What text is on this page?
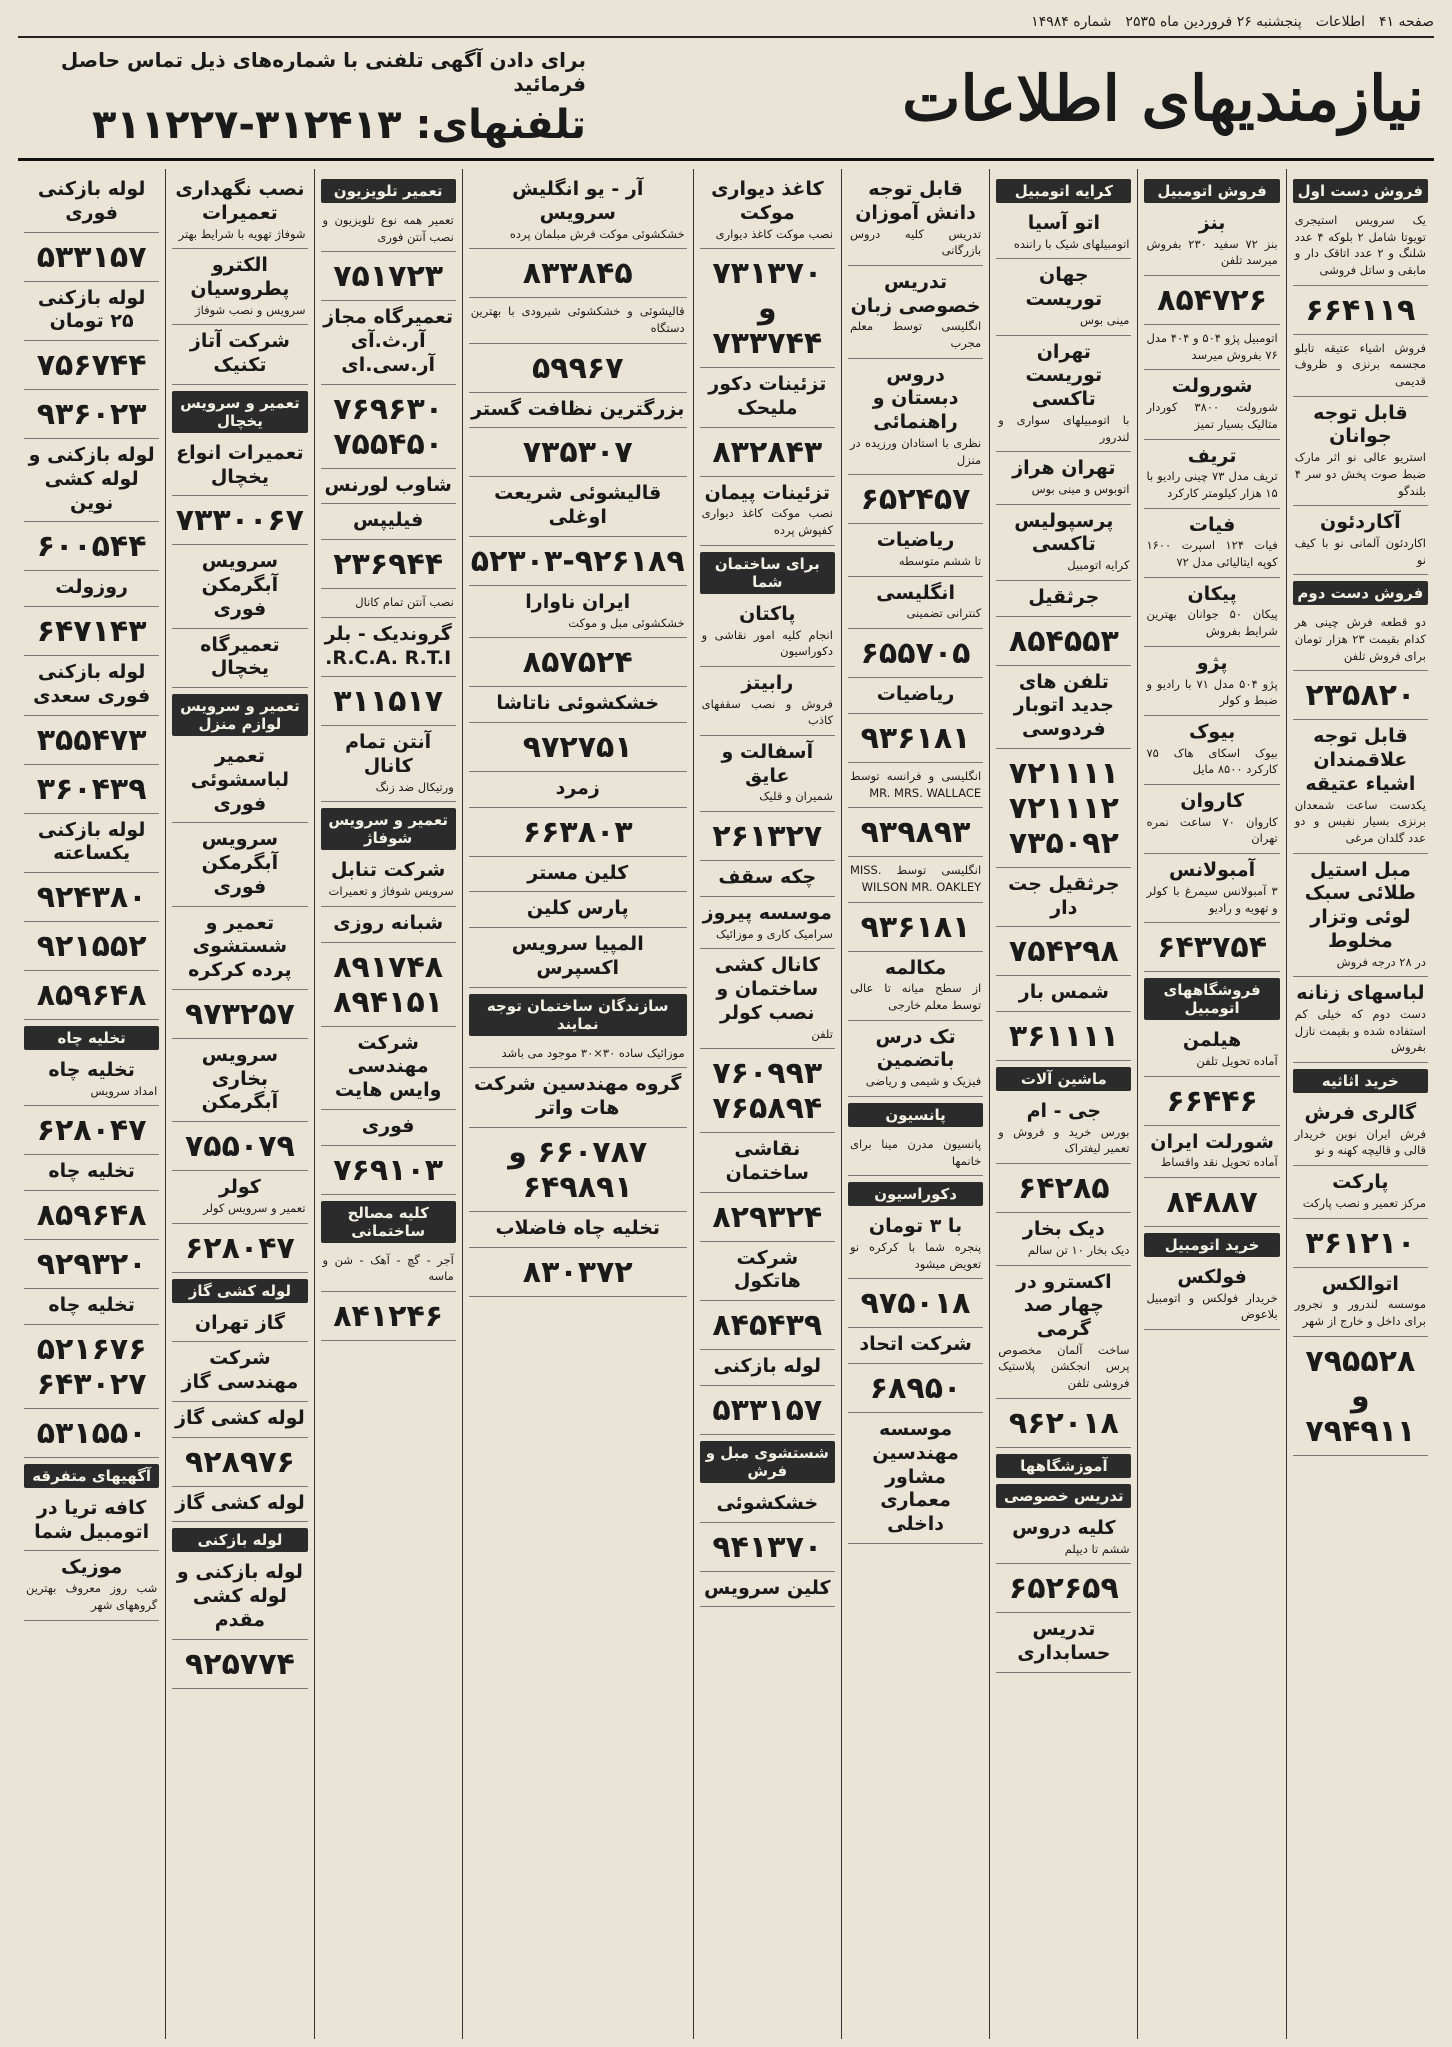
صفحه ۴۱
اطلاعات
پنجشنبه ۲۶ فروردین ماه ۲۵۳۵
شماره ۱۴۹۸۴
برای دادن آگهی تلفنی با شماره‌های ذیل تماس حاصل فرمائید
تلفنهای: ۳۱۲۴۱۳-۳۱۱۲۲۷	نیازمندیهای اطلاعات
فروش دست اول
یک سرویس استیجری تویوتا شامل ۲ بلوکه ۴ عدد شلنگ و ۲ عدد اتاقک دار و مابقی و ساتل فروشی
۶۶۴۱۱۹
فروش اشیاء عتیقه تابلو مجسمه برنزی و ظروف قدیمی
قابل توجه جوانان
استریو عالی نو اثر مارک ضبط صوت پخش دو سر ۴ بلندگو
آکاردئون
اکاردئون آلمانی نو با کیف نو
فروش دست دوم
دو قطعه فرش چینی هر کدام بقیمت ۲۳ هزار تومان برای فروش تلفن
۲۳۵۸۲۰
قابل توجه علاقمندان اشیاء عتیقه
یکدست ساعت شمعدان برنزی بسیار نفیس و دو عدد گلدان مرغی
مبل استیل طلائی سبک لوئی وتزار مخلوط
در ۲۸ درجه فروش
لباسهای زنانه
دست دوم که خیلی کم استفاده شده و بقیمت نازل بفروش
خرید اثاثیه
گالری فرش
فرش ایران نوین خریدار قالی و قالیچه کهنه و نو
پارکت
مرکز تعمیر و نصب پارکت
۳۶۱۲۱۰
اتوالکس
موسسه لندرور و نجرور برای داخل و خارج از شهر
۷۹۵۵۲۸ و ۷۹۴۹۱۱
فروش اتومبیل
بنز
بنز ۷۲ سفید ۲۳۰ بفروش میرسد تلفن
۸۵۴۷۲۶
اتومبیل پژو ۵۰۴ و ۴۰۴ مدل ۷۶ بفروش میرسد
شورولت
شورولت ۳۸۰۰ کوردار متالیک بسیار تمیز
تریف
تریف مدل ۷۳ چینی رادیو با ۱۵ هزار کیلومتر کارکرد
فیات
فیات ۱۲۴ اسپرت ۱۶۰۰ کوپه ایتالیائی مدل ۷۲
پیکان
پیکان ۵۰ جوانان بهترین شرایط بفروش
پژو
پژو ۵۰۴ مدل ۷۱ با رادیو و ضبط و کولر
بیوک
بیوک اسکای هاک ۷۵ کارکرد ۸۵۰۰ مایل
کاروان
کاروان ۷۰ ساعت نمره تهران
آمبولانس
۳ آمبولانس سیمرغ با کولر و تهویه و رادیو
۶۴۳۷۵۴
فروشگاههای اتومبیل
هیلمن
آماده تحویل تلفن
۶۶۴۴۶
شورلت ایران
آماده تحویل نقد واقساط
۸۴۸۸۷
خرید اتومبیل
فولکس
خریدار فولکس و اتومبیل بلاعوض
کرایه اتومبیل
اتو آسیا
اتومبیلهای شیک با راننده
جهان توریست
مینی بوس
تهران توریست تاکسی
با اتومبیلهای سواری و لندرور
تهران هراز
اتوبوس و مینی بوس
پرسپولیس تاکسی
کرایه اتومبیل
جرثقیل
۸۵۴۵۵۳
تلفن های جدید اتوبار فردوسی
۷۲۱۱۱۱ ۷۲۱۱۱۲ ۷۳۵۰۹۲
جرثقیل جت دار
۷۵۴۲۹۸
شمس بار
۳۶۱۱۱۱
ماشین آلات
جی - ام
بورس خرید و فروش و تعمیر لیفتراک
۶۴۲۸۵
دیک بخار
دیک بخار ۱۰ تن سالم
اکسترو در چهار صد گرمی
ساخت آلمان مخصوص پرس انجکشن پلاستیک فروشی تلفن
۹۶۲۰۱۸
آموزشگاهها
تدریس خصوصی
کلیه دروس
ششم تا دیپلم
۶۵۲۶۵۹
تدریس حسابداری
قابل توجه دانش آموزان
تدریس کلیه دروس بازرگانی
تدریس خصوصی زبان
انگلیسی توسط معلم مجرب
دروس دبستان و راهنمائی
نظری با استادان ورزیده در منزل
۶۵۲۴۵۷
ریاضیات
تا ششم متوسطه
انگلیسی
کنترانی تضمینی
۶۵۵۷۰۵
ریاضیات
۹۳۶۱۸۱
انگلیسی و فرانسه توسط MR. MRS. WALLACE
۹۳۹۸۹۳
انگلیسی توسط MISS. WILSON MR. OAKLEY
۹۳۶۱۸۱
مکالمه
از سطح میانه تا عالی توسط معلم خارجی
تک درس باتضمین
فیزیک و شیمی و ریاضی
پانسیون
پانسیون مدرن مینا برای خانمها
دکوراسیون
با ۳ تومان
پنجره شما با کرکره نو تعویض میشود
۹۷۵۰۱۸
شرکت اتحاد
۶۸۹۵۰
موسسه مهندسین مشاور معماری داخلی
کاغذ دیواری موکت
نصب موکت کاغذ دیواری
۷۳۱۳۷۰ و ۷۳۳۷۴۴
تزئینات دکور ملیحک
۸۳۲۸۴۳
تزئینات پیمان
نصب موکت کاغذ دیواری کفپوش پرده
برای ساختمان شما
پاکتان
انجام کلیه امور نقاشی و دکوراسیون
رابیتز
فروش و نصب سقفهای کاذب
آسفالت و عایق
شمیران و قلیک
۲۶۱۳۲۷
چکه سقف
موسسه پیروز
سرامیک کاری و موزائیک
کانال کشی ساختمان و نصب کولر
تلفن
۷۶۰۹۹۳ ۷۶۵۸۹۴
نقاشی ساختمان
۸۲۹۳۲۴
شرکت هاتکول
۸۴۵۴۳۹
لوله بازکنی
۵۳۳۱۵۷
شستشوی مبل و فرش
خشکشوئی
۹۴۱۳۷۰
کلین سرویس
آر - یو انگلیش سرویس
خشکشوئی موکت فرش مبلمان پرده
۸۳۳۸۴۵
قالیشوئی و خشکشوئی شیرودی با بهترین دستگاه
۵۹۹۶۷
بزرگترین نظافت گستر
۷۳۵۳۰۷
قالیشوئی شریعت اوغلی
۵۲۳۰۳-۹۲۶۱۸۹
ایران ناوارا
خشکشوئی مبل و موکت
۸۵۷۵۲۴
خشکشوئی ناتاشا
۹۷۲۷۵۱
زمرد
۶۶۳۸۰۳
کلین مستر
پارس کلین
المپیا سرویس اکسپرس
سازندگان ساختمان توجه نمایند
موزائیک ساده ۳۰×۳۰ موجود می باشد
گروه مهندسین شرکت هات واتر
۶۶۰۷۸۷ و ۶۴۹۸۹۱
تخلیه چاه فاضلاب
۸۳۰۳۷۲
تعمیر تلویزیون
تعمیر همه نوع تلویزیون و نصب آنتن فوری
۷۵۱۷۲۳
تعمیرگاه مجاز آر.ث.آی آر.سی.ای
۷۶۹۶۳۰ ۷۵۵۴۵۰
شاوب لورنس
فیلیپس
۲۳۶۹۴۴
نصب آنتن تمام کانال
گروندیک - بلر R.C.A. R.T.I.
۳۱۱۵۱۷
آنتن تمام کانال
ورتیکال ضد زنگ
تعمیر و سرویس شوفاژ
شرکت تنابل
سرویس شوفاژ و تعمیرات
شبانه روزی
۸۹۱۷۴۸ ۸۹۴۱۵۱
شرکت مهندسی وایس هایت
فوری
۷۶۹۱۰۳
کلیه مصالح ساختمانی
آجر - گچ - آهک - شن و ماسه
۸۴۱۲۴۶
نصب نگهداری تعمیرات
شوفاژ تهویه با شرایط بهتر
الکترو پطروسیان
سرویس و نصب شوفاژ
شرکت آتاز تکنیک
تعمیر و سرویس یخچال
تعمیرات انواع یخچال
۷۳۳۰۰۶۷
سرویس آبگرمکن فوری
تعمیرگاه یخچال
تعمیر و سرویس لوازم منزل
تعمیر لباسشوئی فوری
سرویس آبگرمکن فوری
تعمیر و شستشوی پرده کرکره
۹۷۳۲۵۷
سرویس بخاری آبگرمکن
۷۵۵۰۷۹
کولر
تعمیر و سرویس کولر
۶۲۸۰۴۷
لوله کشی گاز
گاز تهران
شرکت مهندسی گاز
لوله کشی گاز
۹۲۸۹۷۶
لوله کشی گاز
لوله بازکنی
لوله بازکنی و لوله کشی مقدم
۹۲۵۷۷۴
لوله بازکنی فوری
۵۳۳۱۵۷
لوله بازکنی ۲۵ تومان
۷۵۶۷۴۴
۹۳۶۰۲۳
لوله بازکنی و لوله کشی نوین
۶۰۰۵۴۴
روزولت
۶۴۷۱۴۳
لوله بازکنی فوری سعدی
۳۵۵۴۷۳
۳۶۰۴۳۹
لوله بازکنی یکساعته
۹۲۴۳۸۰
۹۲۱۵۵۲
۸۵۹۶۴۸
تخلیه چاه
تخلیه چاه
امداد سرویس
۶۲۸۰۴۷
تخلیه چاه
۸۵۹۶۴۸
۹۲۹۳۲۰
تخلیه چاه
۵۲۱۶۷۶ ۶۴۳۰۲۷
۵۳۱۵۵۰
آگهیهای متفرقه
کافه تریا در اتومبیل شما
موزیک
شب روز معروف بهترین گروههای شهر
